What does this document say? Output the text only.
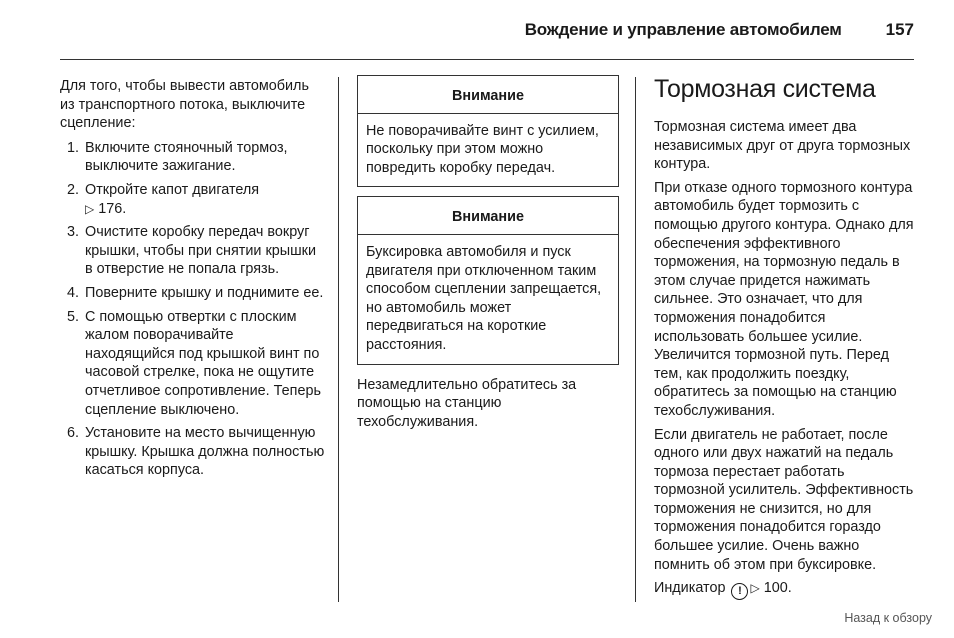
Вождение и управление автомобилем	157

Для того, чтобы вывести автомобиль из транспортного потока, выключите сцепление:

1. Включите стояночный тормоз, выключите зажигание.
2. Откройте капот двигателя
▷ 176.
3. Очистите коробку передач вокруг крышки, чтобы при снятии крышки в отверстие не попала грязь.
4. Поверните крышку и поднимите ее.
5. С помощью отвертки с плоским жалом поворачивайте находящийся под крышкой винт по часовой стрелке, пока не ощутите отчетливое сопротивление. Теперь сцепление выключено.
6. Установите на место вычищенную крышку. Крышка должна полностью касаться корпуса.
Внимание
Не поворачивайте винт с усилием, поскольку при этом можно повредить коробку передач.
Внимание
Буксировка автомобиля и пуск двигателя при отключенном таким способом сцеплении запрещается, но автомобиль может передвигаться на короткие расстояния.

Незамедлительно обратитесь за помощью на станцию техобслуживания.

Тормозная система

Тормозная система имеет два независимых друг от друга тормозных контура.

При отказе одного тормозного контура автомобиль будет тормозить с помощью другого контура. Однако для обеспечения эффективного торможения, на тормозную педаль в этом случае придется нажимать сильнее. Это означает, что для торможения понадобится использовать большее усилие. Увеличится тормозной путь. Перед тем, как продолжить поездку, обратитесь за помощью на станцию техобслуживания.

Если двигатель не работает, после одного или двух нажатий на педаль тормоза перестает работать тормозной усилитель. Эффективность торможения не снизится, но для торможения понадобится гораздо большее усилие. Очень важно помнить об этом при буксировке.

Индикатор ! ▷ 100.

Назад к обзору
